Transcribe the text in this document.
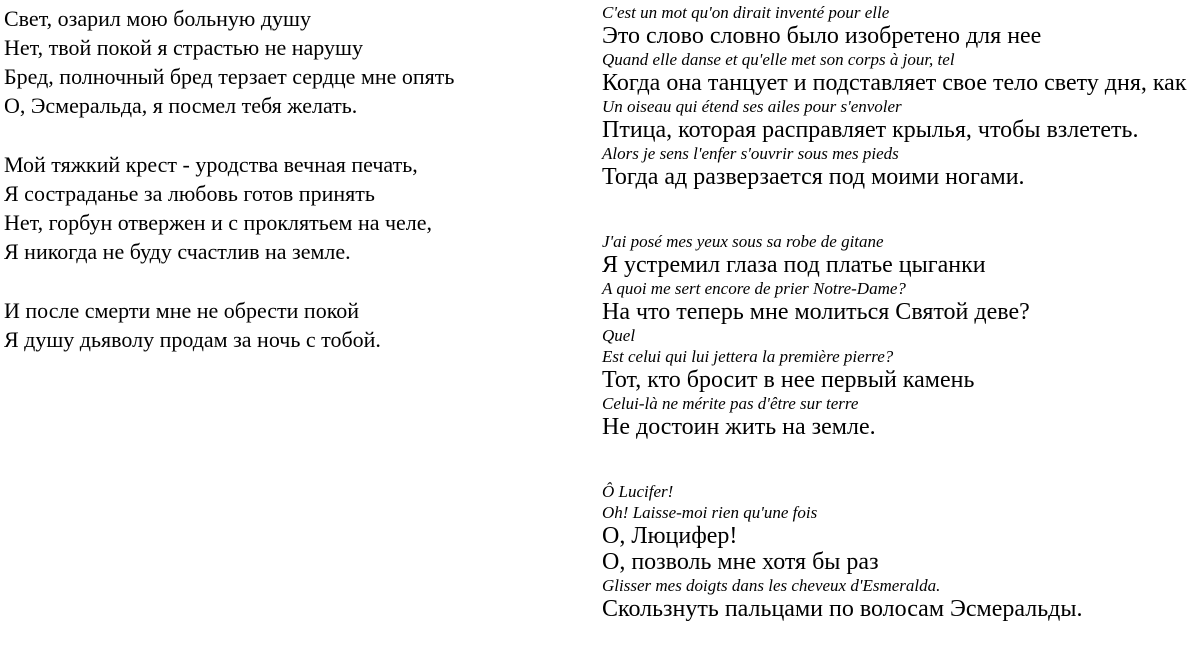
Свет, озарил мою больную душу
Нет, твой покой я страстью не нарушу
Бред, полночный бред терзает сердце мне опять
О, Эсмеральда, я посмел тебя желать.
Мой тяжкий крест - уродства вечная печать,
Я состраданье за любовь готов принять
Нет, горбун отвержен и с проклятьем на челе,
Я никогда не буду счастлив на земле.
И после смерти мне не обрести покой
Я душу дьяволу продам за ночь с тобой.
C'est un mot qu'on dirait inventé pour elle
Это слово словно было изобретено для нее
Quand elle danse et qu'elle met son corps à jour, tel
Когда она танцует и подставляет свое тело свету дня, как
Un oiseau qui étend ses ailes pour s'envoler
Птица, которая расправляет крылья, чтобы взлететь.
Alors je sens l'enfer s'ouvrir sous mes pieds
Тогда ад разверзается под моими ногами.
J'ai posé mes yeux sous sa robe de gitane
Я устремил глаза под платье цыганки
A quoi me sert encore de prier Notre-Dame?
На что теперь мне молиться Святой деве?
Quel
Est celui qui lui jettera la première pierre?
Тот, кто бросит в нее первый камень
Celui-là ne mérite pas d'être sur terre
Не достоин жить на земле.
Ô Lucifer!
Oh! Laisse-moi rien qu'une fois
О, Люцифер!
О, позволь мне хотя бы раз
Glisser mes doigts dans les cheveux d'Esmeralda.
Скользнуть пальцами по волосам Эсмеральды.
